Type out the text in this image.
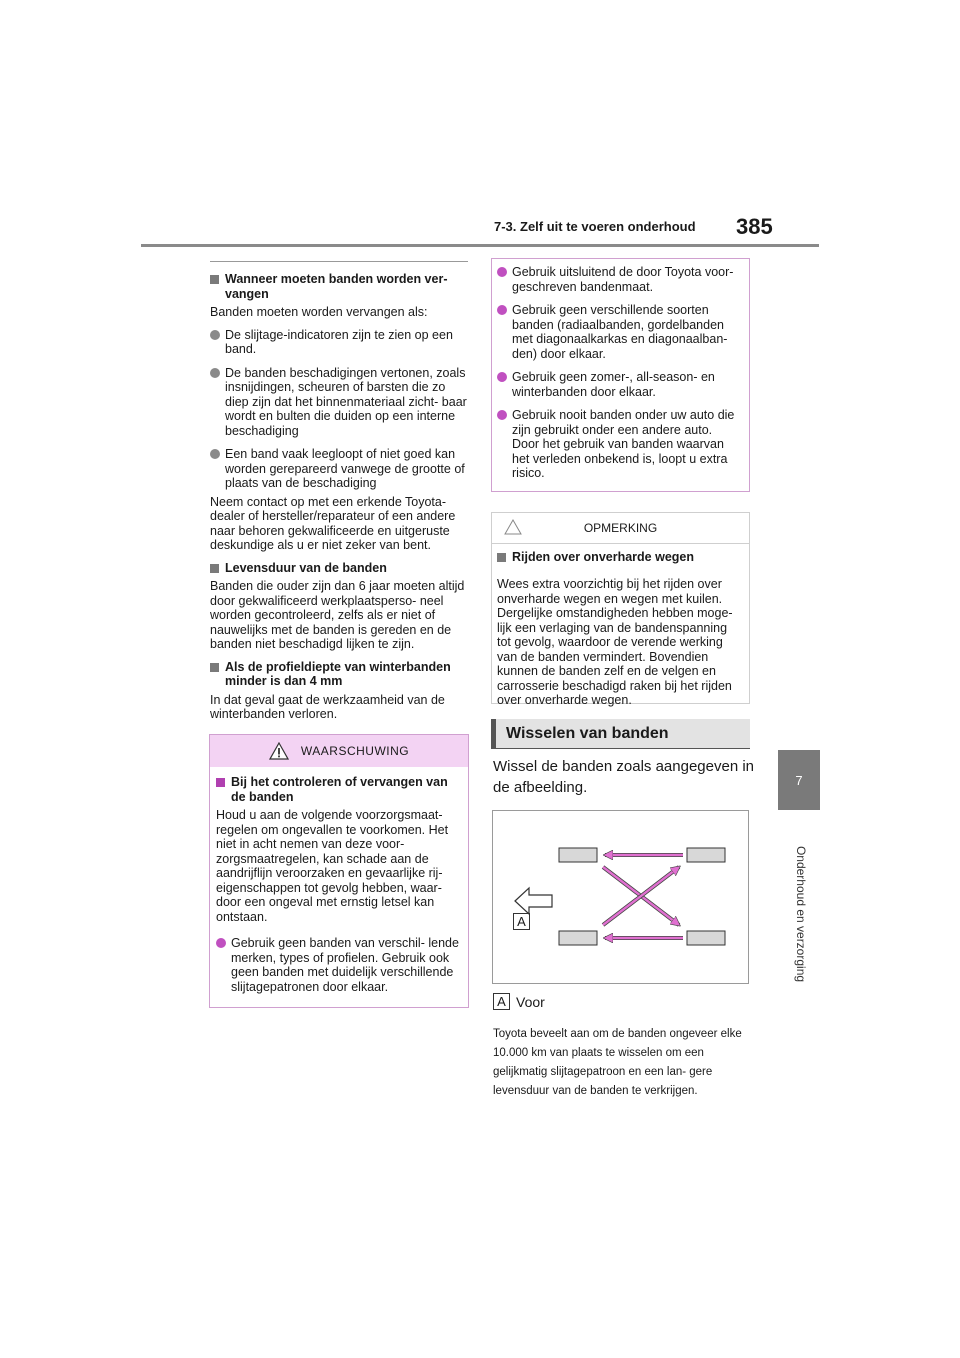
7-3. Zelf uit te voeren onderhoud 385
7
Onderhoud en verzorging
Wanneer moeten banden worden ver- vangen

Banden moeten worden vervangen als:

De slijtage-indicatoren zijn te zien op een band.
De banden beschadigingen vertonen, zoals insnijdingen, scheuren of barsten die zo diep zijn dat het binnenmateriaal zicht- baar wordt en bulten die duiden op een interne beschadiging
Een band vaak leegloopt of niet goed kan worden gerepareerd vanwege de grootte of plaats van de beschadiging

Neem contact op met een erkende Toyota- dealer of hersteller/reparateur of een andere naar behoren gekwalificeerde en uitgeruste deskundige als u er niet zeker van bent.

Levensduur van de banden

Banden die ouder zijn dan 6 jaar moeten altijd door gekwalificeerd werkplaatsperso- neel worden gecontroleerd, zelfs als er niet of nauwelijks met de banden is gereden en de banden niet beschadigd lijken te zijn.

Als de profieldiepte van winterbanden minder is dan 4 mm

In dat geval gaat de werkzaamheid van de winterbanden verloren.

WAARSCHUWING
Bij het controleren of vervangen van de banden

Houd u aan de volgende voorzorgsmaat- regelen om ongevallen te voorkomen. Het niet in acht nemen van deze voor- zorgsmaatregelen, kan schade aan de aandrijflijn veroorzaken en gevaarlijke rij- eigenschappen tot gevolg hebben, waar- door een ongeval met ernstig letsel kan ontstaan.

Gebruik geen banden van verschil- lende merken, types of profielen. Gebruik ook geen banden met duidelijk verschillende slijtagepatronen door elkaar.
Gebruik uitsluitend de door Toyota voor- geschreven bandenmaat.
Gebruik geen verschillende soorten banden (radiaalbanden, gordelbanden met diagonaalkarkas en diagonaalban- den) door elkaar.
Gebruik geen zomer-, all-season- en winterbanden door elkaar.
Gebruik nooit banden onder uw auto die zijn gebruikt onder een andere auto. Door het gebruik van banden waarvan het verleden onbekend is, loopt u extra risico.
OPMERKING
Rijden over onverharde wegen

Wees extra voorzichtig bij het rijden over onverharde wegen en wegen met kuilen. Dergelijke omstandigheden hebben moge- lijk een verlaging van de bandenspanning tot gevolg, waardoor de verende werking van de banden vermindert. Bovendien kunnen de banden zelf en de velgen en carrosserie beschadigd raken bij het rijden over onverharde wegen.

Wisselen van banden
Wissel de banden zoals aangegeven in de afbeelding.
A
A Voor
Toyota beveelt aan om de banden ongeveer elke 10.000 km van plaats te wisselen om een gelijkmatig slijtagepatroon en een lan- gere levensduur van de banden te verkrijgen.
